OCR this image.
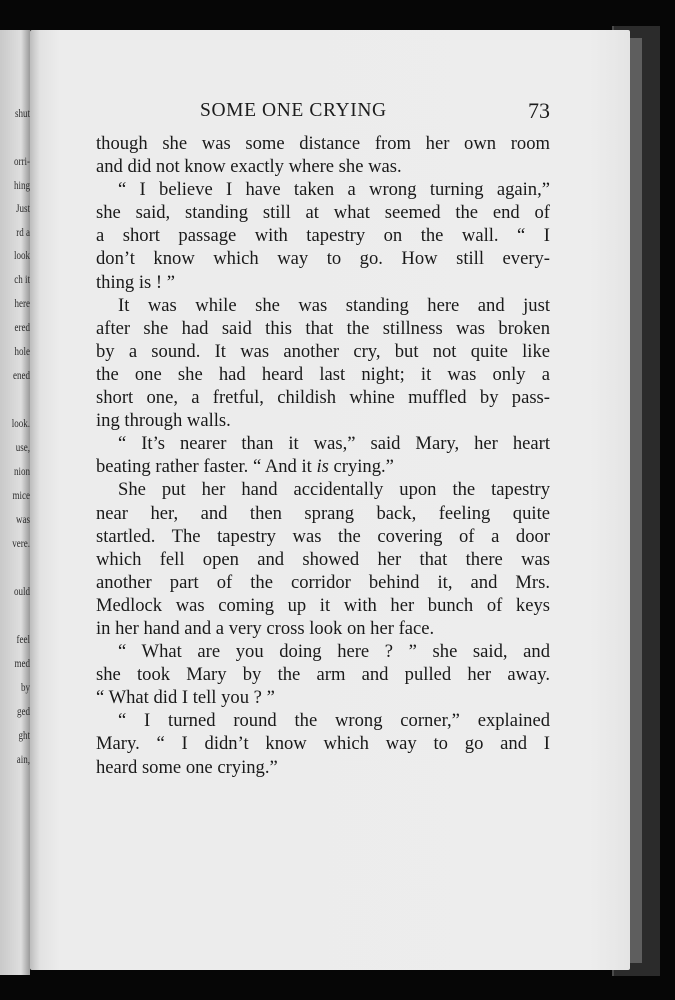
shut
orri-
hing
Just
rd a
look
ch it
here
ered
hole
ened
look.
use,
nion
mice
was
vere.
ould
feel
med
by
ged
ght
ain,
SOME ONE CRYING	73
though she was some distance from her own room
and did not know exactly where she was.
“ I believe I have taken a wrong turning again,”
she said, standing still at what seemed the end of
a short passage with tapestry on the wall. “ I
don’t know which way to go. How still every-
thing is ! ”
It was while she was standing here and just
after she had said this that the stillness was broken
by a sound. It was another cry, but not quite like
the one she had heard last night; it was only a
short one, a fretful, childish whine muffled by pass-
ing through walls.
“ It’s nearer than it was,” said Mary, her heart
beating rather faster. “ And it is crying.”
She put her hand accidentally upon the tapestry
near her, and then sprang back, feeling quite
startled. The tapestry was the covering of a door
which fell open and showed her that there was
another part of the corridor behind it, and Mrs.
Medlock was coming up it with her bunch of keys
in her hand and a very cross look on her face.
“ What are you doing here ? ” she said, and
she took Mary by the arm and pulled her away.
“ What did I tell you ? ”
“ I turned round the wrong corner,” explained
Mary. “ I didn’t know which way to go and I
heard some one crying.”
